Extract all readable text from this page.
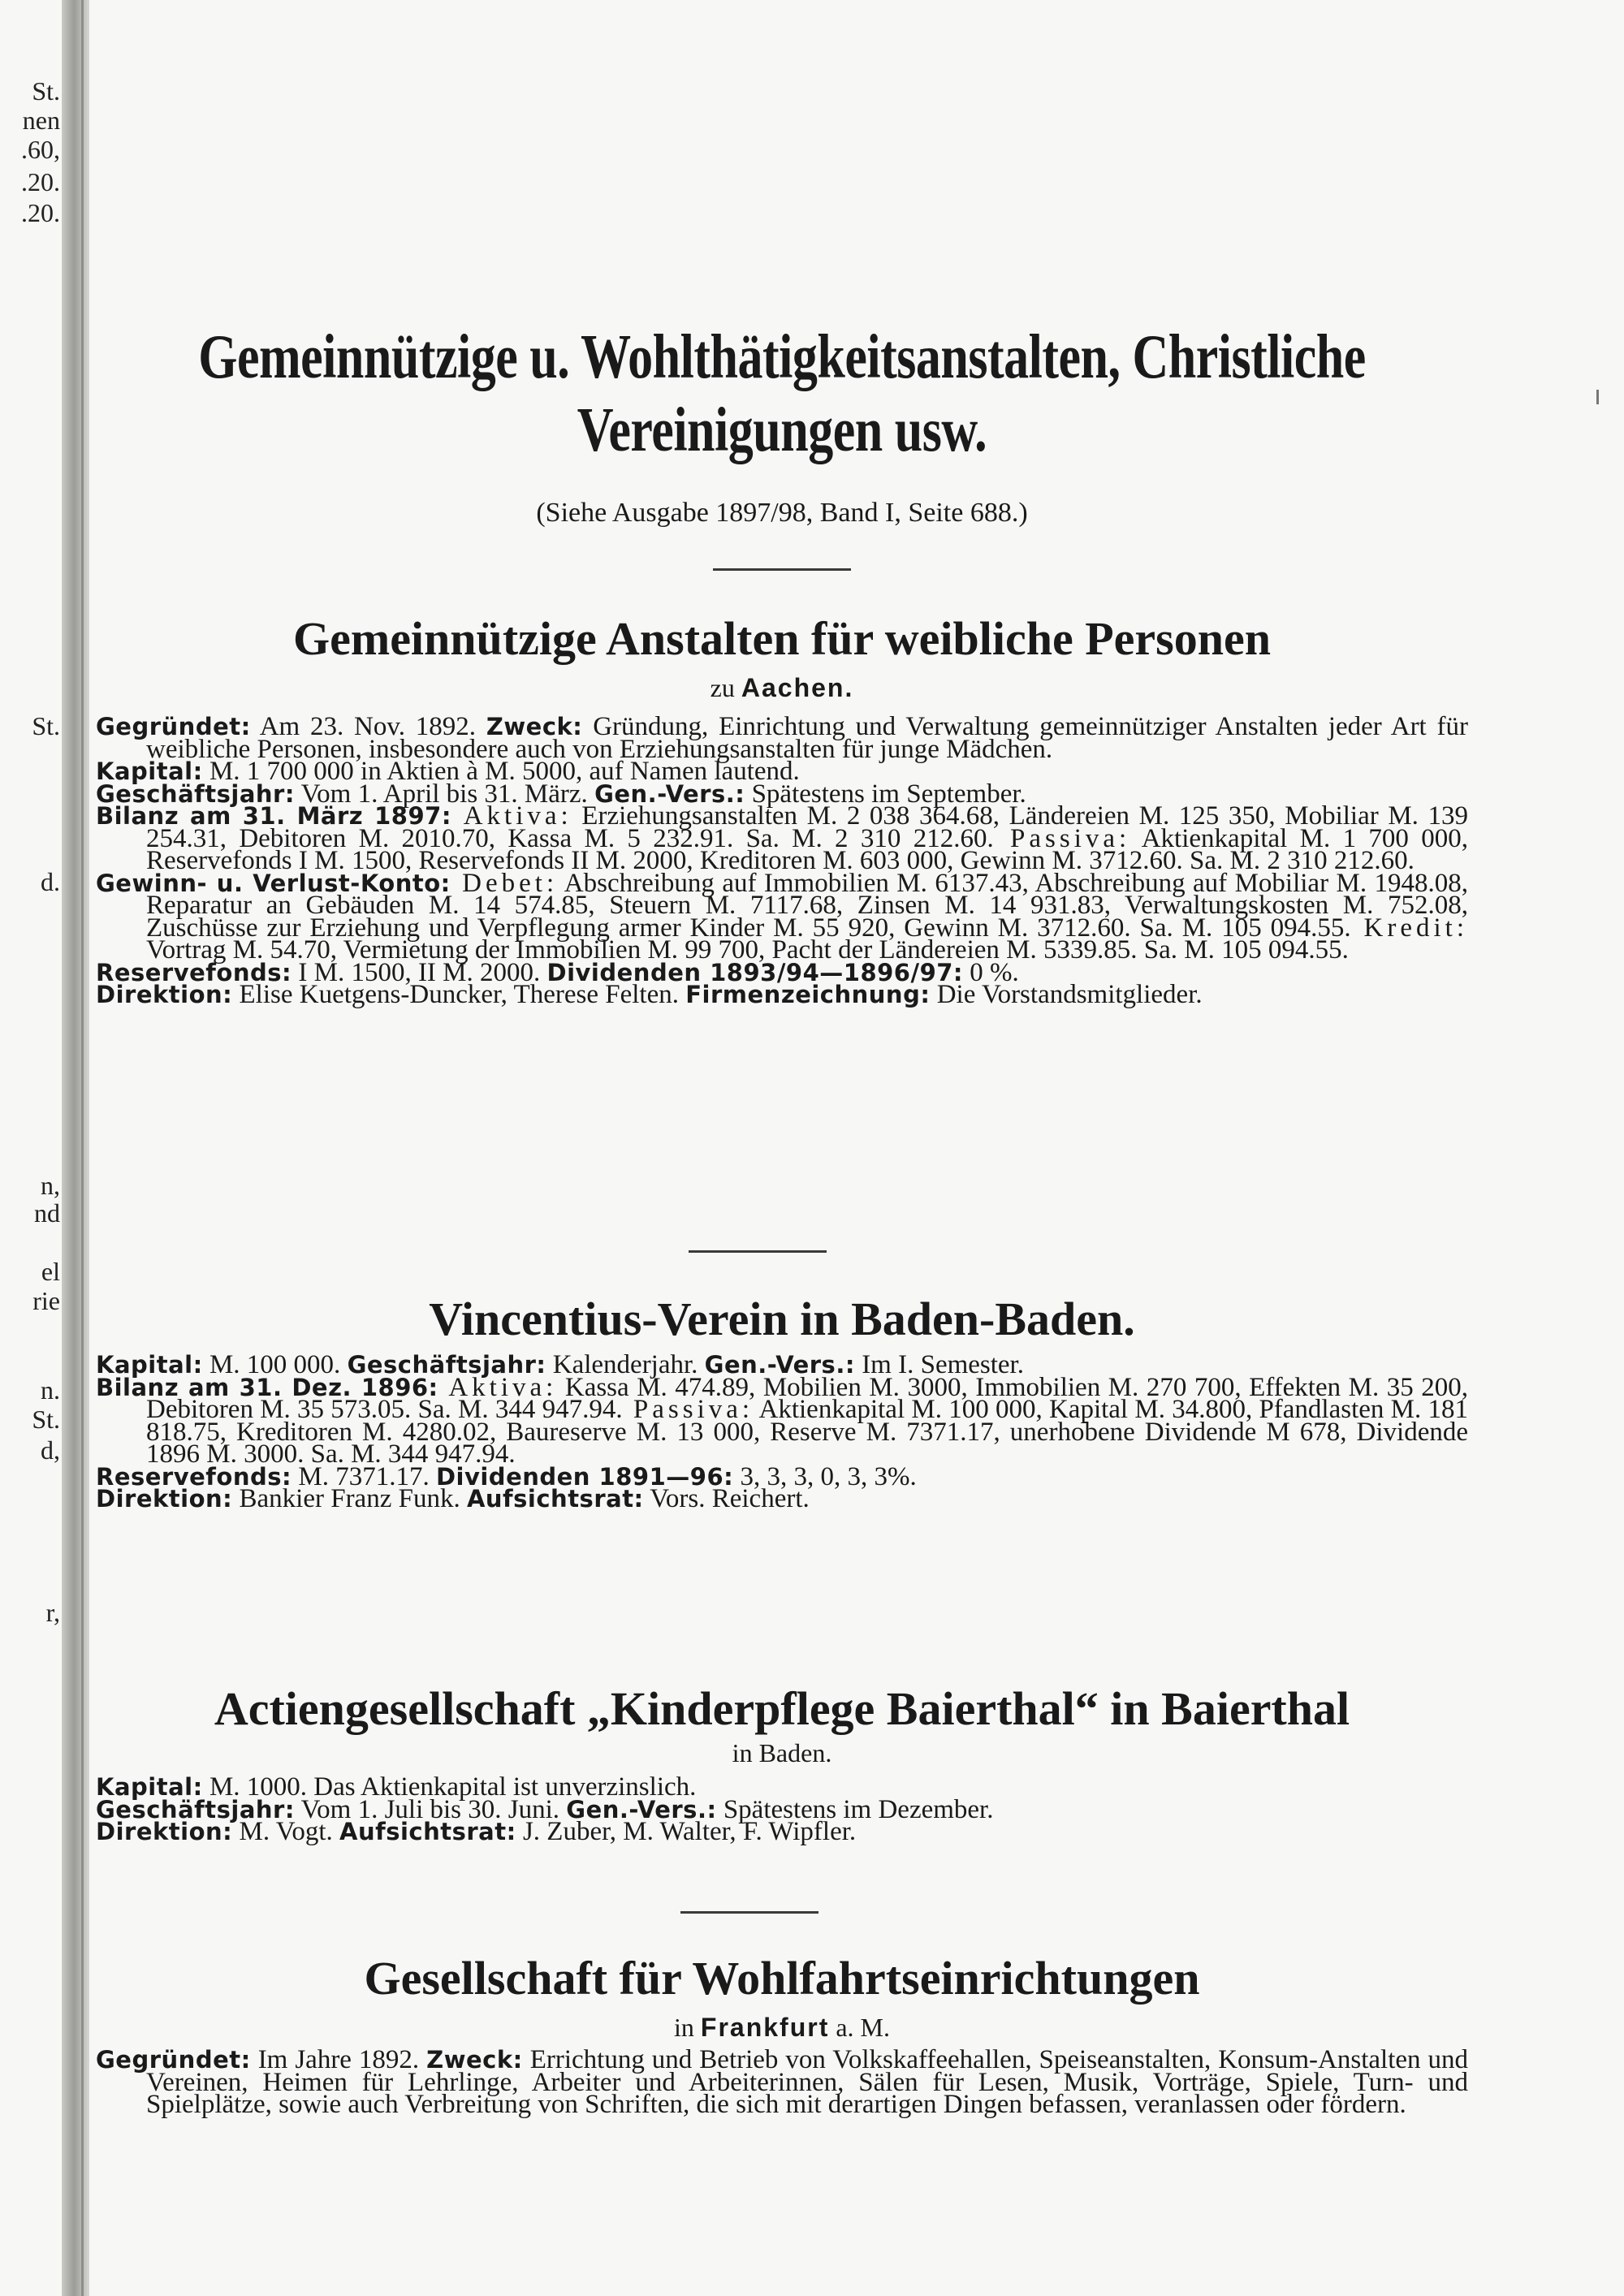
St.
nen
.60,
.20.
.20.
St.
d.
n,
nd
el
rie
n.
St.
d,
r,
Gemeinnützige u. Wohlthätigkeitsanstalten, Christliche
Vereinigungen usw.
(Siehe Ausgabe 1897/98, Band I, Seite 688.)
Gemeinnützige Anstalten für weibliche Personen
zu Aachen.

Gegründet: Am 23. Nov. 1892. Zweck: Gründung, Einrichtung und Verwaltung gemeinnütziger Anstalten jeder Art für weibliche Personen, insbesondere auch von Erziehungsanstalten für junge Mädchen.

Kapital: M. 1 700 000 in Aktien à M. 5000, auf Namen lautend.

Geschäftsjahr: Vom 1. April bis 31. März. Gen.-Vers.: Spätestens im September.

Bilanz am 31. März 1897: Aktiva: Erziehungsanstalten M. 2 038 364.68, Ländereien M. 125 350, Mobiliar M. 139 254.31, Debitoren M. 2010.70, Kassa M. 5 232.91. Sa. M. 2 310 212.60. Passiva: Aktienkapital M. 1 700 000, Reservefonds I M. 1500, Reservefonds II M. 2000, Kreditoren M. 603 000, Gewinn M. 3712.60. Sa. M. 2 310 212.60.

Gewinn- u. Verlust-Konto: Debet: Abschreibung auf Immobilien M. 6137.43, Abschreibung auf Mobiliar M. 1948.08, Reparatur an Gebäuden M. 14 574.85, Steuern M. 7117.68, Zinsen M. 14 931.83, Verwaltungskosten M. 752.08, Zuschüsse zur Erziehung und Verpflegung armer Kinder M. 55 920, Gewinn M. 3712.60. Sa. M. 105 094.55. Kredit: Vortrag M. 54.70, Vermietung der Immobilien M. 99 700, Pacht der Ländereien M. 5339.85. Sa. M. 105 094.55.

Reservefonds: I M. 1500, II M. 2000. Dividenden 1893/94—1896/97: 0 %.

Direktion: Elise Kuetgens-Duncker, Therese Felten. Firmenzeichnung: Die Vorstandsmitglieder.

Vincentius-Verein in Baden-Baden.

Kapital: M. 100 000. Geschäftsjahr: Kalenderjahr. Gen.-Vers.: Im I. Semester.

Bilanz am 31. Dez. 1896: Aktiva: Kassa M. 474.89, Mobilien M. 3000, Immobilien M. 270 700, Effekten M. 35 200, Debitoren M. 35 573.05. Sa. M. 344 947.94. Passiva: Aktienkapital M. 100 000, Kapital M. 34.800, Pfandlasten M. 181 818.75, Kreditoren M. 4280.02, Baureserve M. 13 000, Reserve M. 7371.17, unerhobene Dividende M 678, Dividende 1896 M. 3000. Sa. M. 344 947.94.

Reservefonds: M. 7371.17. Dividenden 1891—96: 3, 3, 3, 0, 3, 3%.

Direktion: Bankier Franz Funk. Aufsichtsrat: Vors. Reichert.

Actiengesellschaft „Kinderpflege Baierthal“ in Baierthal
in Baden.

Kapital: M. 1000. Das Aktienkapital ist unverzinslich.

Geschäftsjahr: Vom 1. Juli bis 30. Juni. Gen.-Vers.: Spätestens im Dezember.

Direktion: M. Vogt. Aufsichtsrat: J. Zuber, M. Walter, F. Wipfler.

Gesellschaft für Wohlfahrtseinrichtungen
in Frankfurt a. M.

Gegründet: Im Jahre 1892. Zweck: Errichtung und Betrieb von Volkskaffeehallen, Speiseanstalten, Konsum-Anstalten und Vereinen, Heimen für Lehrlinge, Arbeiter und Arbeiterinnen, Sälen für Lesen, Musik, Vorträge, Spiele, Turn- und Spielplätze, sowie auch Verbreitung von Schriften, die sich mit derartigen Dingen befassen, veranlassen oder fördern.
